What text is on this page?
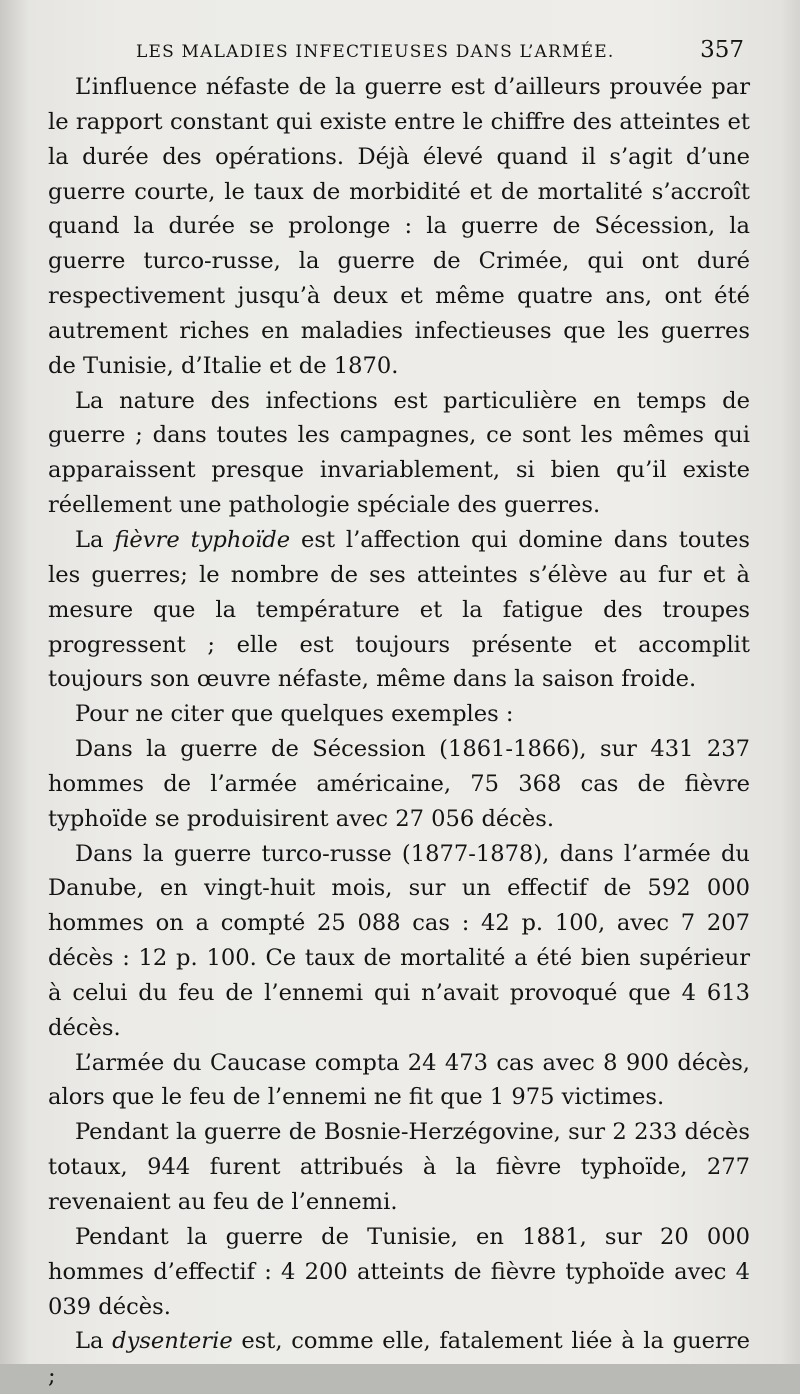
LES MALADIES INFECTIEUSES DANS L’ARMÉE.	357

L’influence néfaste de la guerre est d’ailleurs prouvée par le rapport constant qui existe entre le chiffre des atteintes et la durée des opérations. Déjà élevé quand il s’agit d’une guerre courte, le taux de morbidité et de mortalité s’accroît quand la durée se prolonge : la guerre de Sécession, la guerre turco-russe, la guerre de Crimée, qui ont duré respectivement jusqu’à deux et même quatre ans, ont été autrement riches en maladies infectieuses que les guerres de Tunisie, d’Italie et de 1870.

La nature des infections est particulière en temps de guerre ; dans toutes les campagnes, ce sont les mêmes qui apparaissent presque invariablement, si bien qu’il existe réellement une pathologie spéciale des guerres.

La fièvre typhoïde est l’affection qui domine dans toutes les guerres; le nombre de ses atteintes s’élève au fur et à mesure que la température et la fatigue des troupes progressent ; elle est toujours présente et accomplit toujours son œuvre néfaste, même dans la saison froide.

Pour ne citer que quelques exemples :

Dans la guerre de Sécession (1861-1866), sur 431 237 hommes de l’armée américaine, 75 368 cas de fièvre typhoïde se produisirent avec 27 056 décès.

Dans la guerre turco-russe (1877-1878), dans l’armée du Danube, en vingt-huit mois, sur un effectif de 592 000 hommes on a compté 25 088 cas : 42 p. 100, avec 7 207 décès : 12 p. 100. Ce taux de mortalité a été bien supérieur à celui du feu de l’ennemi qui n’avait provoqué que 4 613 décès.

L’armée du Caucase compta 24 473 cas avec 8 900 décès, alors que le feu de l’ennemi ne fit que 1 975 victimes.

Pendant la guerre de Bosnie-Herzégovine, sur 2 233 décès totaux, 944 furent attribués à la fièvre typhoïde, 277 revenaient au feu de l’ennemi.

Pendant la guerre de Tunisie, en 1881, sur 20 000 hommes d’effectif : 4 200 atteints de fièvre typhoïde avec 4 039 décès.

La dysenterie est, comme elle, fatalement liée à la guerre ;
